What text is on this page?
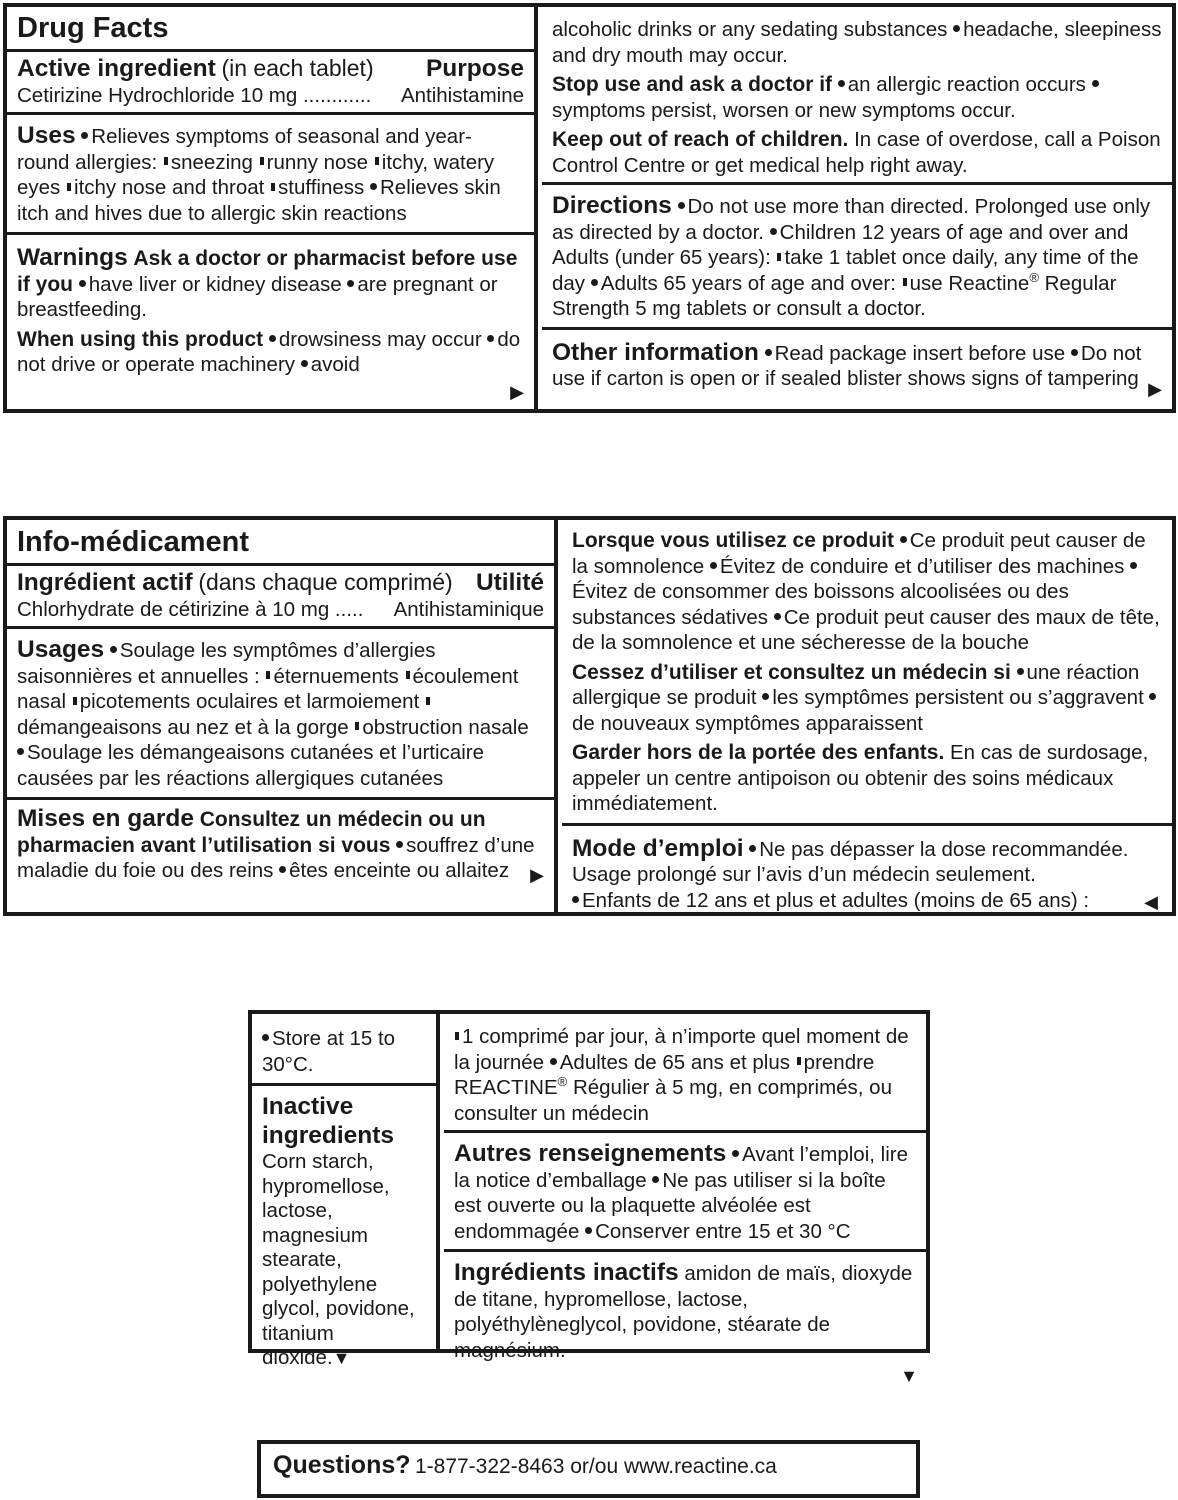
Drug Facts
Active ingredient (in each tablet) Purpose
Cetirizine Hydrochloride 10 mg ............ Antihistamine
Uses Relieves symptoms of seasonal and year-round allergies: sneezing runny nose itchy, watery eyes itchy nose and throat stuffiness Relieves skin itch and hives due to allergic skin reactions
Warnings Ask a doctor or pharmacist before use if you have liver or kidney disease are pregnant or breastfeeding.
When using this product drowsiness may occur do not drive or operate machinery avoid
▶
alcoholic drinks or any sedating substances headache, sleepiness and dry mouth may occur.
Stop use and ask a doctor if an allergic reaction occurs symptoms persist, worsen or new symptoms occur.
Keep out of reach of children. In case of overdose, call a Poison Control Centre or get medical help right away.
Directions Do not use more than directed. Prolonged use only as directed by a doctor. Children 12 years of age and over and Adults (under 65 years): take 1 tablet once daily, any time of the day Adults 65 years of age and over: use Reactine® Regular Strength 5 mg tablets or consult a doctor.
Other information Read package insert before use Do not use if carton is open or if sealed blister shows signs of tampering ▶
Info-médicament
Ingrédient actif (dans chaque comprimé) Utilité
Chlorhydrate de cétirizine à 10 mg ..... Antihistaminique
Usages Soulage les symptômes d’allergies saisonnières et annuelles : éternuements écoulement nasal picotements oculaires et larmoiement démangeaisons au nez et à la gorge obstruction nasale Soulage les démangeaisons cutanées et l’urticaire causées par les réactions allergiques cutanées
Mises en garde Consultez un médecin ou un pharmacien avant l’utilisation si vous souffrez d’une maladie du foie ou des reins êtes enceinte ou allaitez ▶
Lorsque vous utilisez ce produit Ce produit peut causer de la somnolence Évitez de conduire et d’utiliser des machines Évitez de consommer des boissons alcoolisées ou des substances sédatives Ce produit peut causer des maux de tête, de la somnolence et une sécheresse de la bouche
Cessez d’utiliser et consultez un médecin si une réaction allergique se produit les symptômes persistent ou s’aggravent de nouveaux symptômes apparaissent
Garder hors de la portée des enfants. En cas de surdosage, appeler un centre antipoison ou obtenir des soins médicaux immédiatement.
Mode d’emploi Ne pas dépasser la dose recommandée. Usage prolongé sur l’avis d’un médecin seulement.
Enfants de 12 ans et plus et adultes (moins de 65 ans) :	◀
Store at 15 to 30°C.
Inactive ingredients
Corn starch, hypromellose, lactose, magnesium stearate, polyethylene glycol, povidone, titanium dioxide.▼
1 comprimé par jour, à n’importe quel moment de la journée Adultes de 65 ans et plus prendre REACTINE® Régulier à 5 mg, en comprimés, ou consulter un médecin
Autres renseignements Avant l’emploi, lire la notice d’emballage Ne pas utiliser si la boîte est ouverte ou la plaquette alvéolée est endommagée Conserver entre 15 et 30 °C
Ingrédients inactifs amidon de maïs, dioxyde de titane, hypromellose, lactose, polyéthylèneglycol, povidone, stéarate de magnésium.
▼
Questions? 1-877-322-8463 or/ou www.reactine.ca
